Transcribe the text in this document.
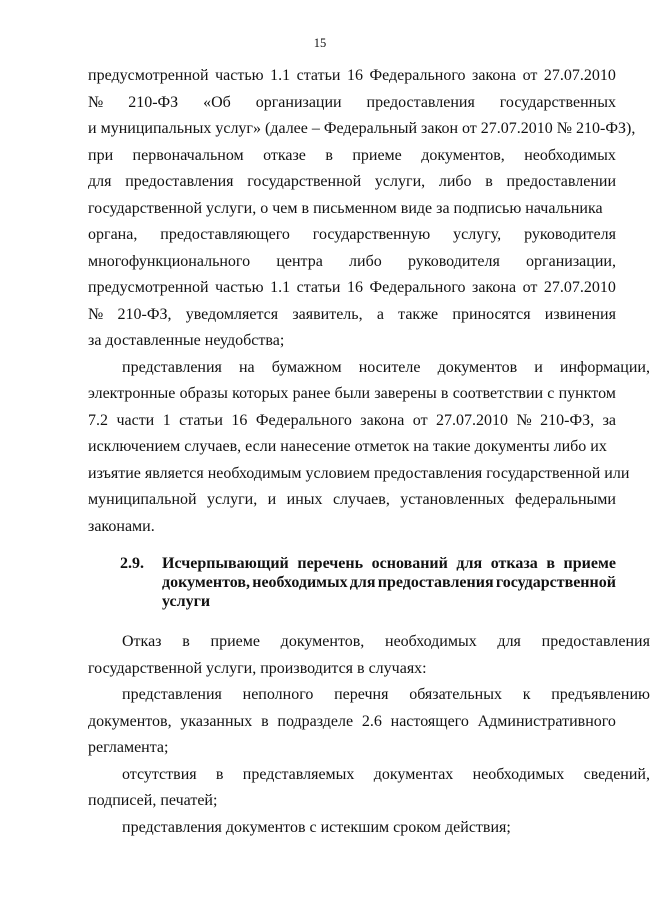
15
предусмотренной частью 1.1 статьи 16 Федерального закона от 27.07.2010
№ 210-ФЗ «Об организации предоставления государственных
и муниципальных услуг» (далее – Федеральный закон от 27.07.2010 № 210-ФЗ),
при первоначальном отказе в приеме документов, необходимых
для предоставления государственной услуги, либо в предоставлении
государственной услуги, о чем в письменном виде за подписью начальника
органа, предоставляющего государственную услугу, руководителя
многофункционального центра либо руководителя организации,
предусмотренной частью 1.1 статьи 16 Федерального закона от 27.07.2010
№ 210-ФЗ, уведомляется заявитель, а также приносятся извинения
за доставленные неудобства;
представления на бумажном носителе документов и информации,
электронные образы которых ранее были заверены в соответствии с пунктом
7.2 части 1 статьи 16 Федерального закона от 27.07.2010 № 210-ФЗ, за
исключением случаев, если нанесение отметок на такие документы либо их
изъятие является необходимым условием предоставления государственной или
муниципальной услуги, и иных случаев, установленных федеральными
законами.
2.9.	Исчерпывающий перечень оснований для отказа в приеме
документов, необходимых для предоставления государственной
услуги
Отказ в приеме документов, необходимых для предоставления
государственной услуги, производится в случаях:
представления неполного перечня обязательных к предъявлению
документов, указанных в подразделе 2.6 настоящего Административного
регламента;
отсутствия в представляемых документах необходимых сведений,
подписей, печатей;
представления документов с истекшим сроком действия;
